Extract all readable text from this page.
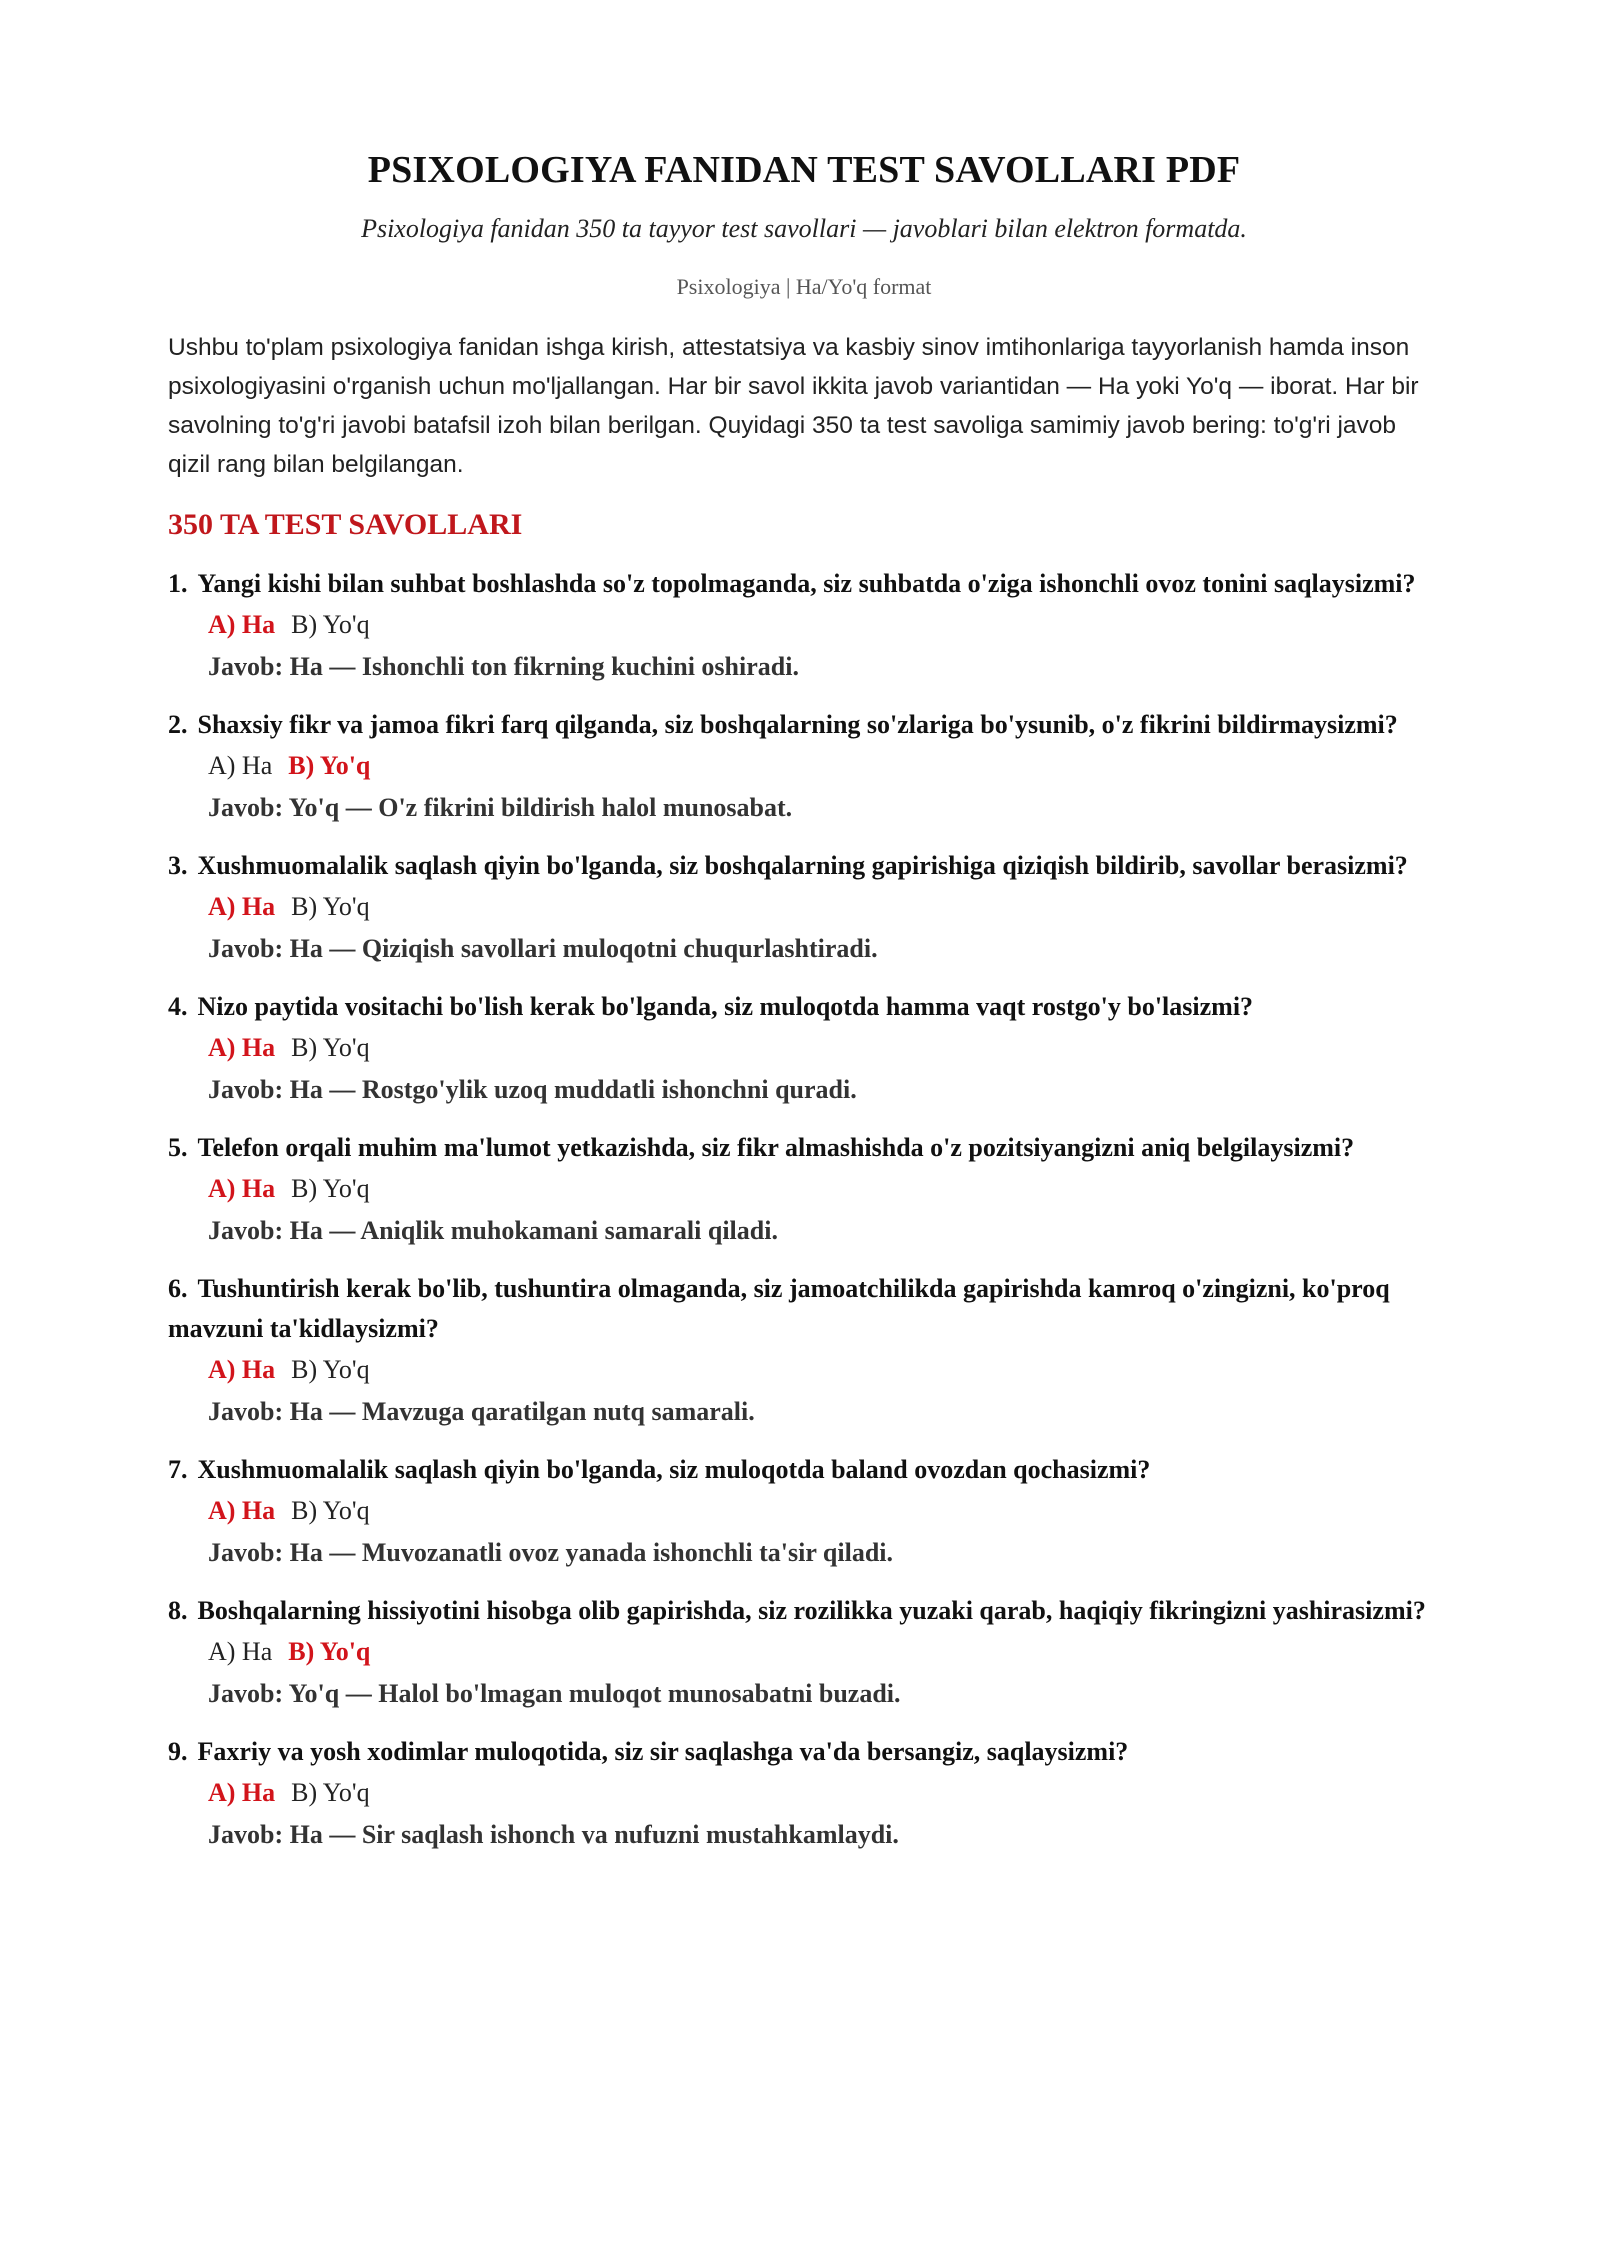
PSIXOLOGIYA FANIDAN TEST SAVOLLARI PDF

Psixologiya fanidan 350 ta tayyor test savollari — javoblari bilan elektron formatda.

Psixologiya | Ha/Yo'q format

Ushbu to'plam psixologiya fanidan ishga kirish, attestatsiya va kasbiy sinov imtihonlariga tayyorlanish hamda inson psixologiyasini o'rganish uchun mo'ljallangan. Har bir savol ikkita javob variantidan — Ha yoki Yo'q — iborat. Har bir savolning to'g'ri javobi batafsil izoh bilan berilgan. Quyidagi 350 ta test savoliga samimiy javob bering: to'g'ri javob qizil rang bilan belgilangan.

350 TA TEST SAVOLLARI

1. Yangi kishi bilan suhbat boshlashda so'z topolmaganda, siz suhbatda o'ziga ishonchli ovoz tonini saqlaysizmi?

A) Ha B) Yo'q
Javob: Ha — Ishonchli ton fikrning kuchini oshiradi.

2. Shaxsiy fikr va jamoa fikri farq qilganda, siz boshqalarning so'zlariga bo'ysunib, o'z fikrini bildirmaysizmi?

A) Ha B) Yo'q
Javob: Yo'q — O'z fikrini bildirish halol munosabat.

3. Xushmuomalalik saqlash qiyin bo'lganda, siz boshqalarning gapirishiga qiziqish bildirib, savollar berasizmi?

A) Ha B) Yo'q
Javob: Ha — Qiziqish savollari muloqotni chuqurlashtiradi.

4. Nizo paytida vositachi bo'lish kerak bo'lganda, siz muloqotda hamma vaqt rostgo'y bo'lasizmi?

A) Ha B) Yo'q
Javob: Ha — Rostgo'ylik uzoq muddatli ishonchni quradi.

5. Telefon orqali muhim ma'lumot yetkazishda, siz fikr almashishda o'z pozitsiyangizni aniq belgilaysizmi?

A) Ha B) Yo'q
Javob: Ha — Aniqlik muhokamani samarali qiladi.

6. Tushuntirish kerak bo'lib, tushuntira olmaganda, siz jamoatchilikda gapirishda kamroq o'zingizni, ko'proq mavzuni ta'kidlaysizmi?

A) Ha B) Yo'q
Javob: Ha — Mavzuga qaratilgan nutq samarali.

7. Xushmuomalalik saqlash qiyin bo'lganda, siz muloqotda baland ovozdan qochasizmi?

A) Ha B) Yo'q
Javob: Ha — Muvozanatli ovoz yanada ishonchli ta'sir qiladi.

8. Boshqalarning hissiyotini hisobga olib gapirishda, siz rozilikka yuzaki qarab, haqiqiy fikringizni yashirasizmi?

A) Ha B) Yo'q
Javob: Yo'q — Halol bo'lmagan muloqot munosabatni buzadi.

9. Faxriy va yosh xodimlar muloqotida, siz sir saqlashga va'da bersangiz, saqlaysizmi?

A) Ha B) Yo'q
Javob: Ha — Sir saqlash ishonch va nufuzni mustahkamlaydi.
